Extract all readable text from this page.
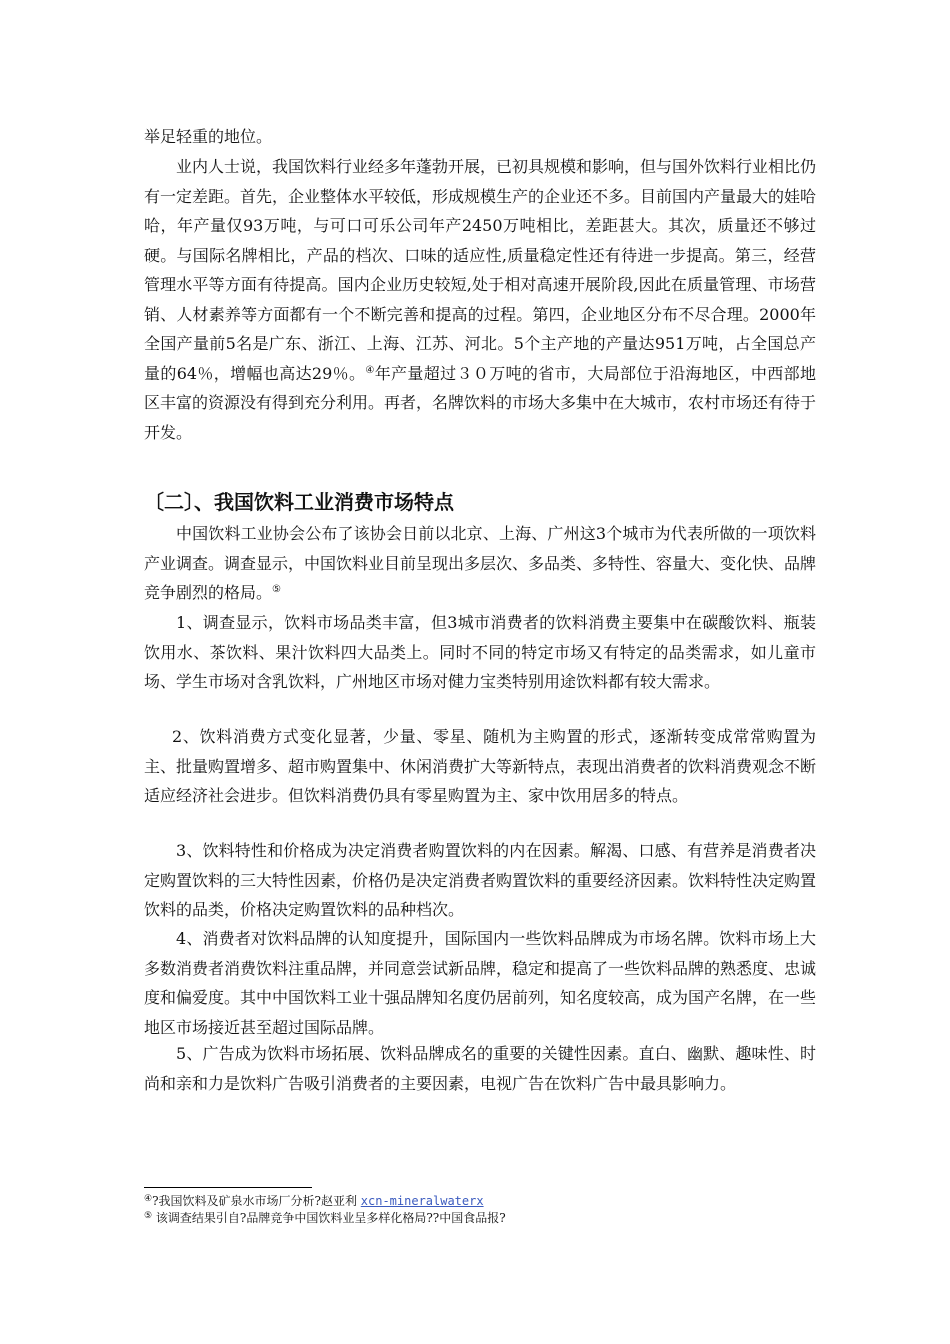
举足轻重的地位。
业内人士说，我国饮料行业经多年蓬勃开展，已初具规模和影响，但与国外饮料行业相比仍有一定差距。首先，企业整体水平较低，形成规模生产的企业还不多。目前国内产量最大的娃哈哈，年产量仅93万吨，与可口可乐公司年产2450万吨相比，差距甚大。其次，质量还不够过硬。与国际名牌相比，产品的档次、口味的适应性,质量稳定性还有待进一步提高。第三，经营管理水平等方面有待提高。国内企业历史较短,处于相对高速开展阶段,因此在质量管理、市场营销、人材素养等方面都有一个不断完善和提高的过程。第四，企业地区分布不尽合理。2000年全国产量前5名是广东、浙江、上海、江苏、河北。5个主产地的产量达951万吨，占全国总产量的64％，增幅也高达29％。④年产量超过３０万吨的省市，大局部位于沿海地区，中西部地区丰富的资源没有得到充分利用。再者，名牌饮料的市场大多集中在大城市，农村市场还有待于开发。
〔二〕、我国饮料工业消费市场特点
中国饮料工业协会公布了该协会日前以北京、上海、广州这3个城市为代表所做的一项饮料产业调查。调查显示，中国饮料业目前呈现出多层次、多品类、多特性、容量大、变化快、品牌竞争剧烈的格局。⑤
1、调查显示，饮料市场品类丰富，但3城市消费者的饮料消费主要集中在碳酸饮料、瓶装饮用水、茶饮料、果汁饮料四大品类上。同时不同的特定市场又有特定的品类需求，如儿童市场、学生市场对含乳饮料，广州地区市场对健力宝类特别用途饮料都有较大需求。
2、饮料消费方式变化显著，少量、零星、随机为主购置的形式，逐渐转变成常常购置为主、批量购置增多、超市购置集中、休闲消费扩大等新特点，表现出消费者的饮料消费观念不断适应经济社会进步。但饮料消费仍具有零星购置为主、家中饮用居多的特点。
3、饮料特性和价格成为决定消费者购置饮料的内在因素。解渴、口感、有营养是消费者决定购置饮料的三大特性因素，价格仍是决定消费者购置饮料的重要经济因素。饮料特性决定购置饮料的品类，价格决定购置饮料的品种档次。
4、消费者对饮料品牌的认知度提升，国际国内一些饮料品牌成为市场名牌。饮料市场上大多数消费者消费饮料注重品牌，并同意尝试新品牌，稳定和提高了一些饮料品牌的熟悉度、忠诚度和偏爱度。其中中国饮料工业十强品牌知名度仍居前列，知名度较高，成为国产名牌，在一些地区市场接近甚至超过国际品牌。
5、广告成为饮料市场拓展、饮料品牌成名的重要的关键性因素。直白、幽默、趣味性、时尚和亲和力是饮料广告吸引消费者的主要因素，电视广告在饮料广告中最具影响力。
④?我国饮料及矿泉水市场厂分析?赵亚利 xcn-mineralwaterx
⑤ 该调查结果引自?品牌竞争中国饮料业呈多样化格局??中国食品报?
